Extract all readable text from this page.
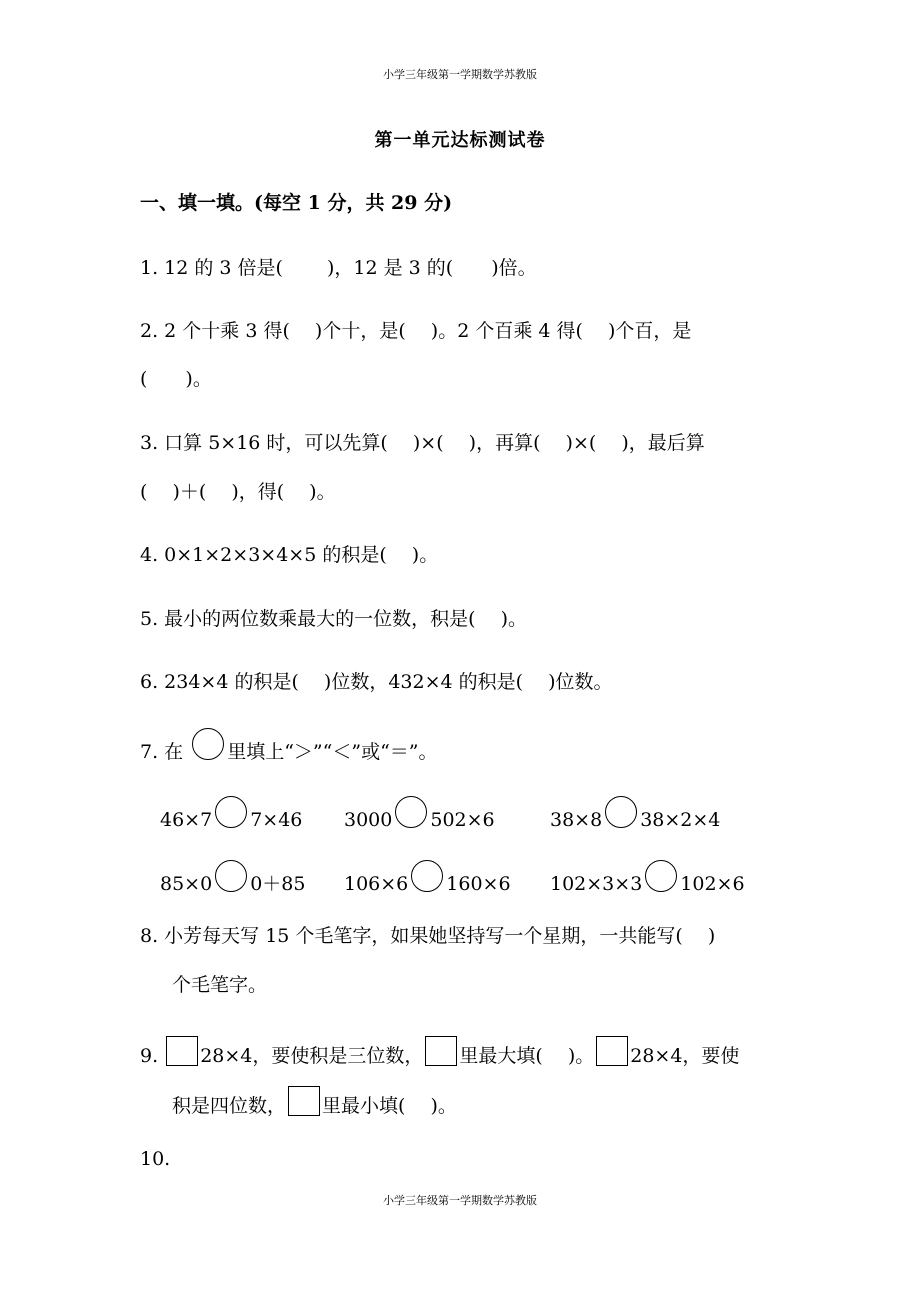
小学三年级第一学期数学苏教版
第一单元达标测试卷
一、填一填。(每空 1 分，共 29 分)
1. 12 的 3 倍是(　　 )，12 是 3 的(　　)倍。
2. 2 个十乘 3 得(　 )个十，是(　 )。2 个百乘 4 得(　 )个百，是
(　　)。
3. 口算 5×16 时，可以先算(　 )×(　 )，再算(　 )×(　 )，最后算
(　 )＋(　 )，得(　 )。
4. 0×1×2×3×4×5 的积是(　 )。
5. 最小的两位数乘最大的一位数，积是(　 )。
6. 234×4 的积是(　 )位数，432×4 的积是(　 )位数。
7. 在 里填上“＞”“＜”或“＝”。
46×7 7×46 3000 502×6	38×8 38×2×4
85×0 0＋85 106×6 160×6 102×3×3 102×6
8. 小芳每天写 15 个毛笔字，如果她坚持写一个星期，一共能写(　 )
个毛笔字。
9. 28×4，要使积是三位数， 里最大填(　 )。 28×4，要使
积是四位数， 里最小填(　 )。
10.
小学三年级第一学期数学苏教版
